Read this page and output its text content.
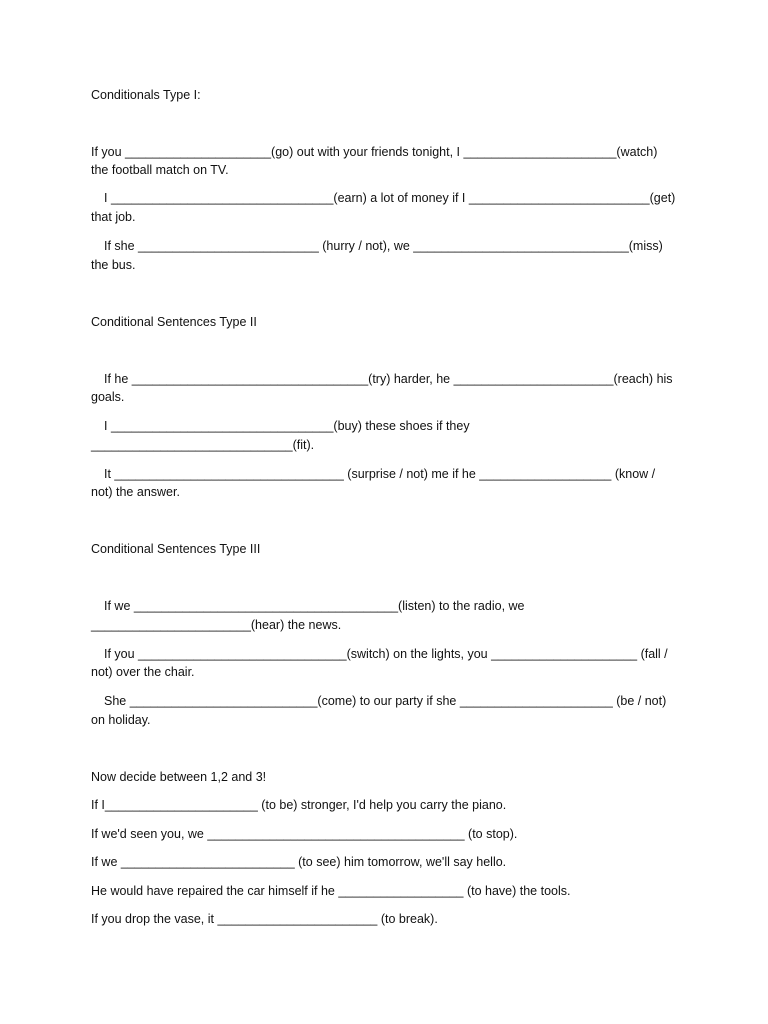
Conditionals Type I:

If you _____________________(go) out with your friends tonight, I ______________________(watch)

the football match on TV.

I ________________________________(earn) a lot of money if I __________________________(get)

that job.

If she __________________________ (hurry / not), we _______________________________(miss)

the bus.

Conditional Sentences Type II

If he __________________________________(try) harder, he _______________________(reach) his

goals.

I ________________________________(buy) these shoes if they

_____________________________(fit).

It _________________________________ (surprise / not) me if he ___________________ (know /

not) the answer.

Conditional Sentences Type III

If we ______________________________________(listen) to the radio, we

_______________________(hear) the news.

If you ______________________________(switch) on the lights, you _____________________ (fall /

not) over the chair.

She ___________________________(come) to our party if she ______________________ (be / not)

on holiday.

Now decide between 1,2 and 3!

If I______________________ (to be) stronger, I'd help you carry the piano.

If we'd seen you, we _____________________________________ (to stop).

If we _________________________ (to see) him tomorrow, we'll say hello.

He would have repaired the car himself if he __________________ (to have) the tools.

If you drop the vase, it _______________________ (to break).
